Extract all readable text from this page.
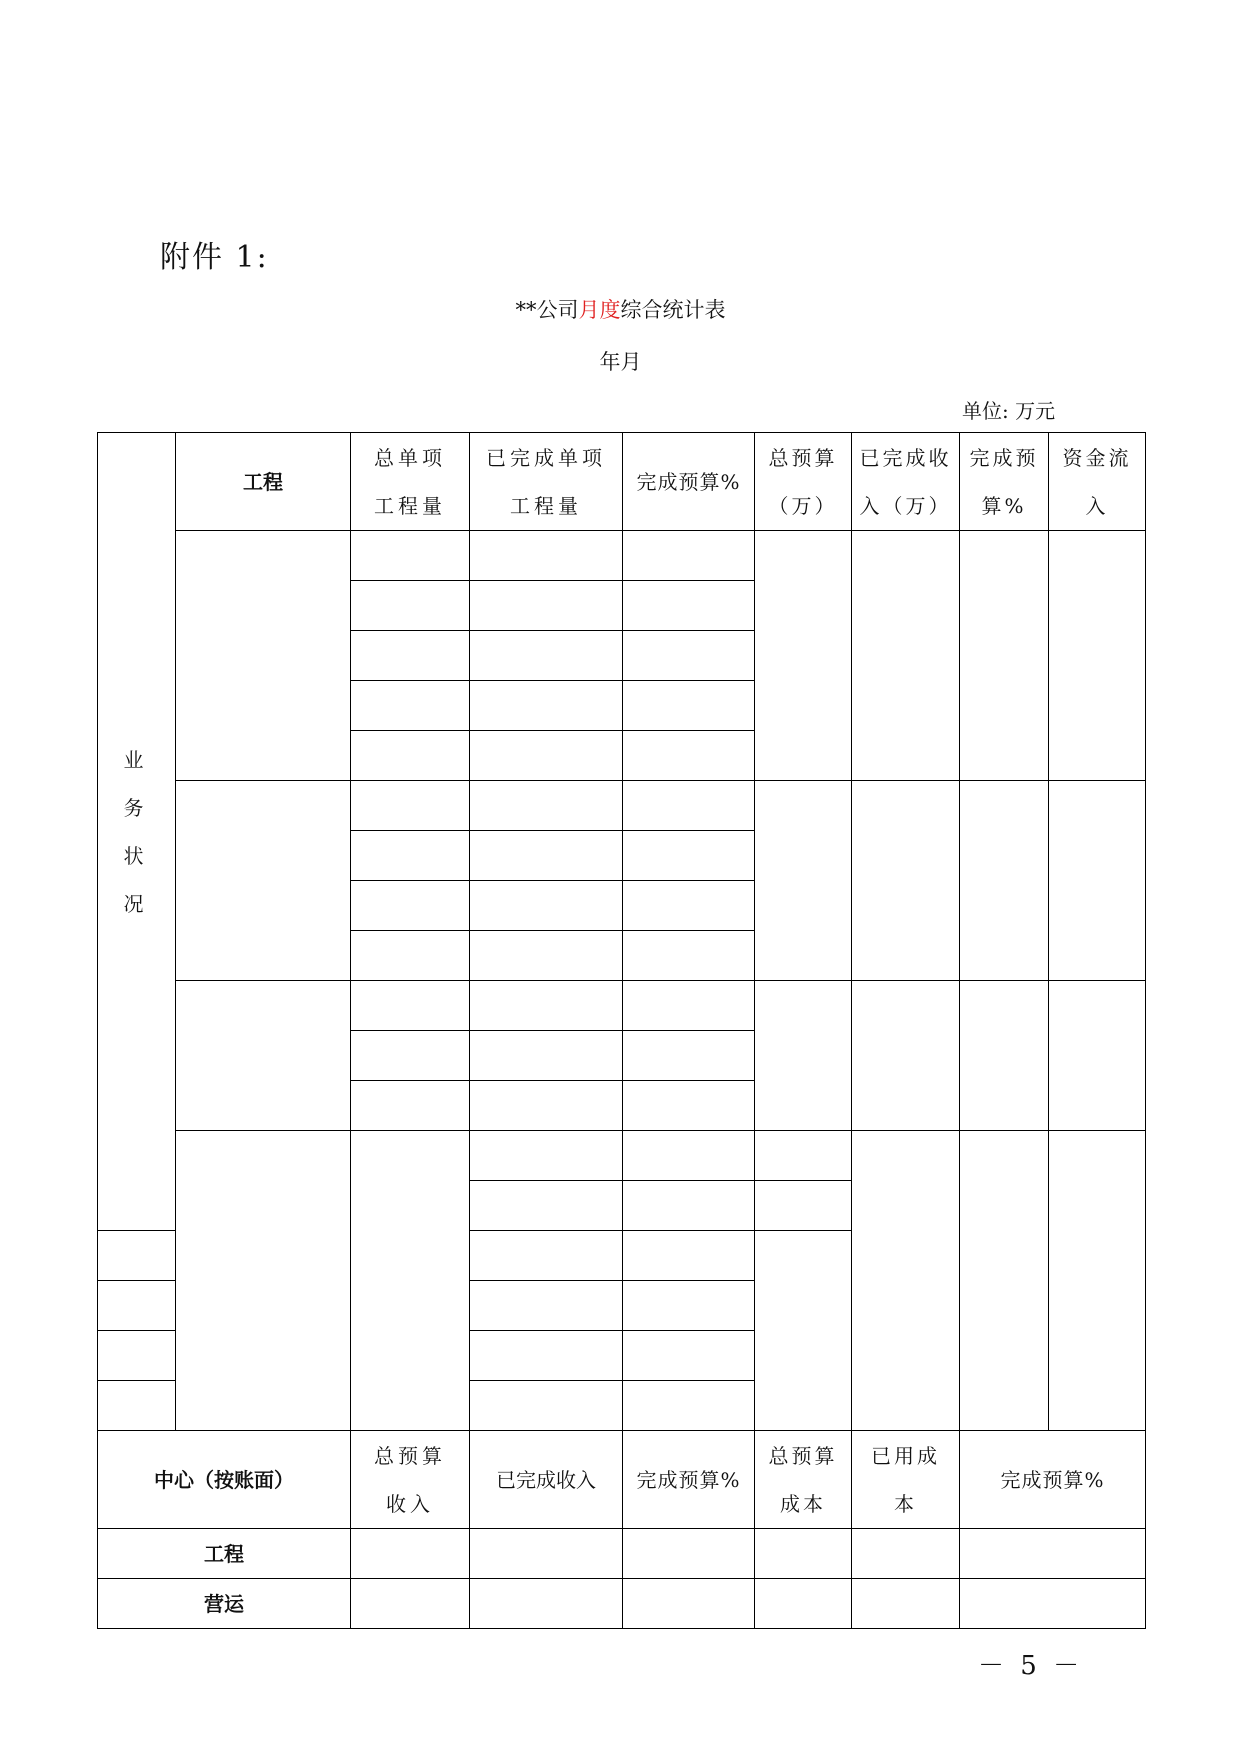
附件 1:
**公司月度综合统计表
年月
单位: 万元
业务状况	工程	总单项工程量	已完成单项工程量	完成预算%	总预算（万）	已完成收入（万）	完成预算%	资金流入	

中心（按账面）		总预算收入	已完成收入	完成预算%	总预算成本	已用成本	完成预算%		
工程									
营运									
－ 5 －
